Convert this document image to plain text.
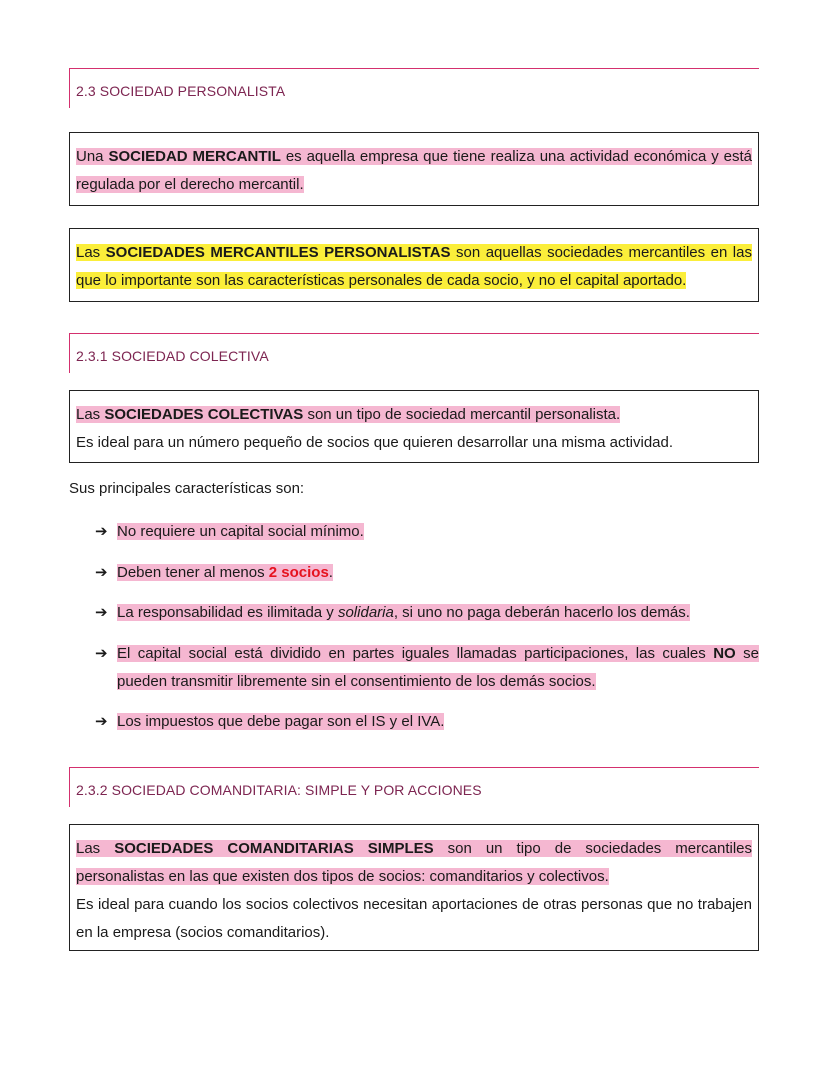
2.3 SOCIEDAD PERSONALISTA
Una SOCIEDAD MERCANTIL es aquella empresa que tiene realiza una actividad económica y está regulada por el derecho mercantil.
Las SOCIEDADES MERCANTILES PERSONALISTAS son aquellas sociedades mercantiles en las que lo importante son las características personales de cada socio, y no el capital aportado.
2.3.1 SOCIEDAD COLECTIVA
Las SOCIEDADES COLECTIVAS son un tipo de sociedad mercantil personalista.
Es ideal para un número pequeño de socios que quieren desarrollar una misma actividad.
Sus principales características son:
➔ No requiere un capital social mínimo.
➔ Deben tener al menos 2 socios.
➔ La responsabilidad es ilimitada y solidaria, si uno no paga deberán hacerlo los demás.
➔ El capital social está dividido en partes iguales llamadas participaciones, las cuales NO se pueden transmitir libremente sin el consentimiento de los demás socios.
➔ Los impuestos que debe pagar son el IS y el IVA.
2.3.2 SOCIEDAD COMANDITARIA: SIMPLE Y POR ACCIONES
Las SOCIEDADES COMANDITARIAS SIMPLES son un tipo de sociedades mercantiles personalistas en las que existen dos tipos de socios: comanditarios y colectivos.
Es ideal para cuando los socios colectivos necesitan aportaciones de otras personas que no trabajen en la empresa (socios comanditarios).
